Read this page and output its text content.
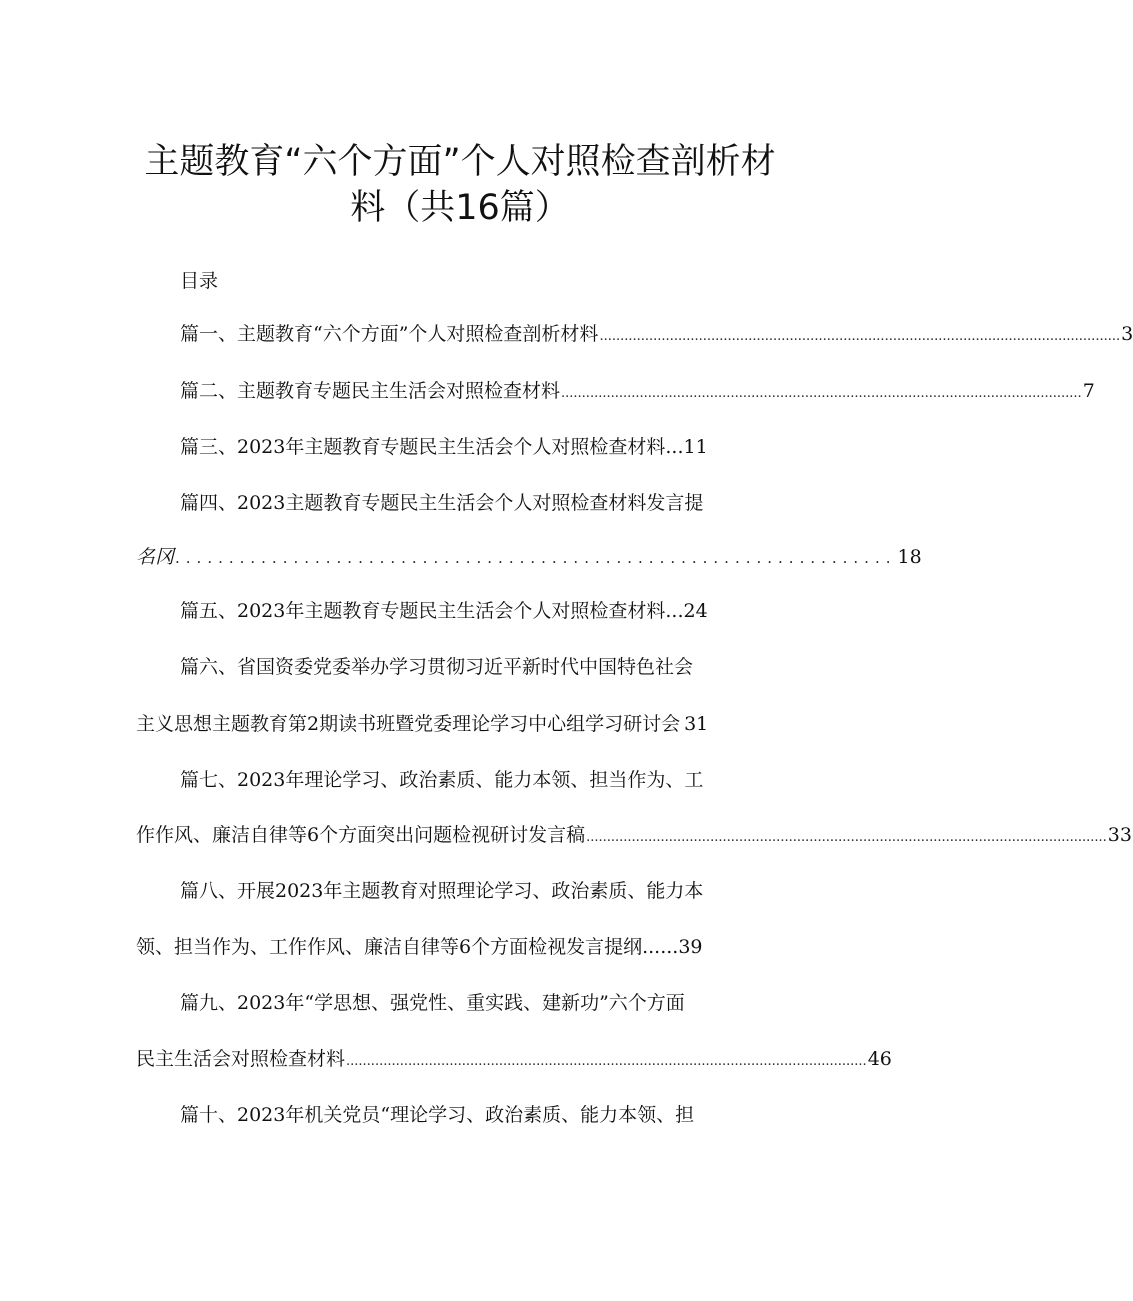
主题教育“六个方面”个人对照检查剖析材
料（共16篇）
目录
篇一、主题教育“六个方面”个人对照检查剖析材料 .............................................................................................................................. 3
篇二、主题教育专题民主生活会对照检查材料 .............................................................................................................................. 7
篇三、2023年主题教育专题民主生活会个人对照检查材料 ... 11
篇四、2023主题教育专题民主生活会个人对照检查材料发言提
名冈 ................................................................... 18
篇五、2023年主题教育专题民主生活会个人对照检查材料 ... 24
篇六、省国资委党委举办学习贯彻习近平新时代中国特色社会
主义思想主题教育第2期读书班暨党委理论学习中心组学习研讨会 31
篇七、2023年理论学习、政治素质、能力本领、担当作为、工
作作风、廉洁自律等6个方面突出问题检视研讨发言稿 .............................................................................................................................. 33
篇八、开展2023年主题教育对照理论学习、政治素质、能力本
领、担当作为、工作作风、廉洁自律等6个方面检视发言提纲 ...... 39
篇九、2023年“学思想、强党性、重实践、建新功”六个方面
民主生活会对照检查材料 .............................................................................................................................. 46
篇十、2023年机关党员“理论学习、政治素质、能力本领、担
